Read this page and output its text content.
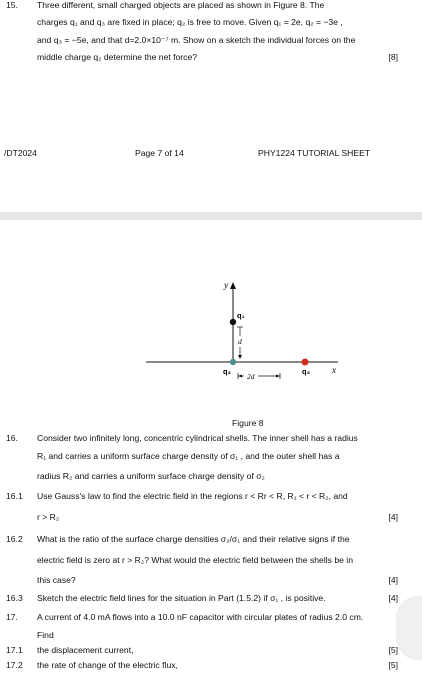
15. Three different, small charged objects are placed as shown in Figure 8. The
charges q₁ and q₃ are fixed in place; q₂ is free to move. Given q₁ = 2e, q₂ = −3e ,
and q₃ = −5e, and that d=2.0×10⁻⁷ m. Show on a sketch the individual forces on the
middle charge q₂ determine the net force?	[8]
/DT2024	Page 7 of 14	PHY1224 TUTORIAL SHEET
y
x
q₁
d
q₂
2d
q₃
Figure 8
16. Consider two infinitely long, concentric cylindrical shells. The inner shell has a radius
R₁ and carries a uniform surface charge density of σ₁ , and the outer shell has a
radius R₂ and carries a uniform surface charge density of σ₂
16.1 Use Gauss's law to find the electric field in the regions r < Rr < R, R₁ < r < R₂, and
r > R₂	[4]
16.2 What is the ratio of the surface charge densities σ₂/σ₁ and their relative signs if the
electric field is zero at r > R₂? What would the electric field between the shells be in
this case?	[4]
16.3 Sketch the electric field lines for the situation in Part (1.5.2) if σ₁ , is positive.	[4]
17. A current of 4.0 mA flows into a 10.0 nF capacitor with circular plates of radius 2.0 cm.
Find
17.1 the displacement current,	[5]
17.2 the rate of change of the electric flux,	[5]
